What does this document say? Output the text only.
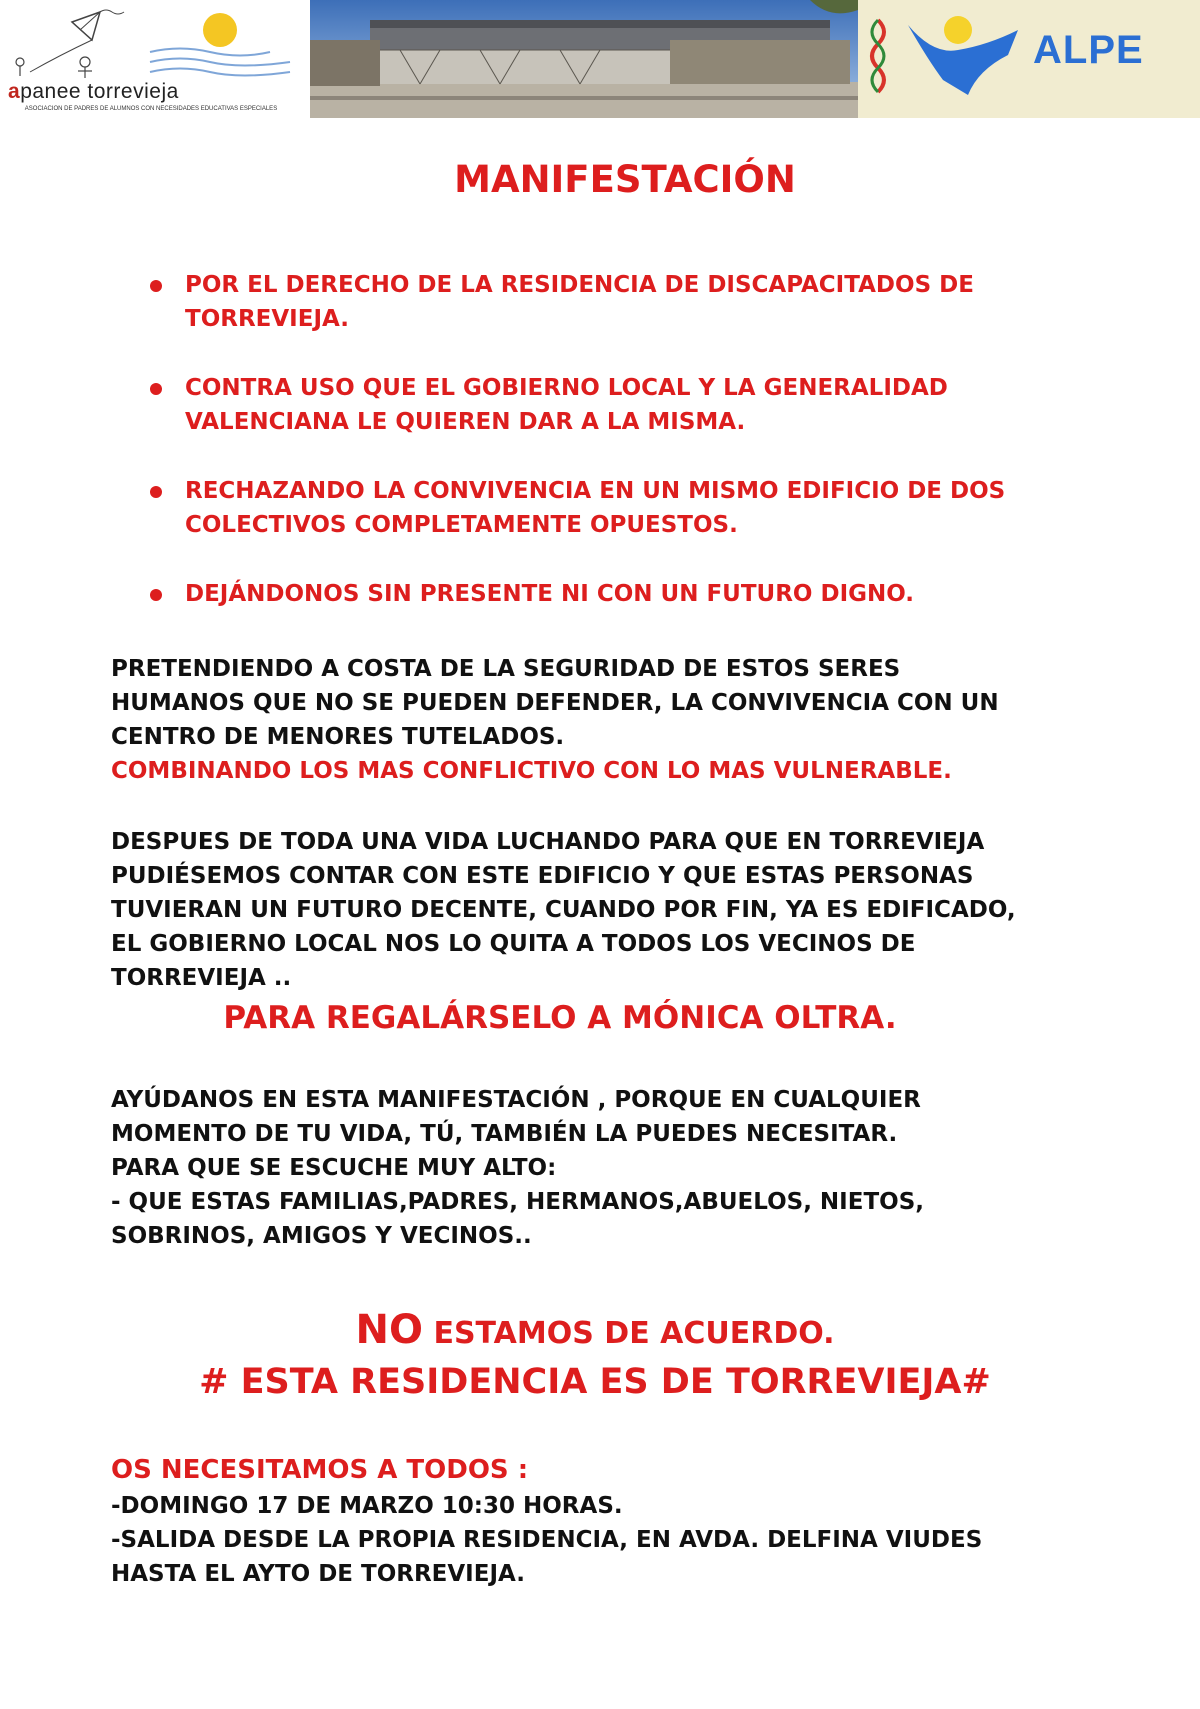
apanee torrevieja
ASOCIACION DE PADRES DE ALUMNOS CON NECESIDADES EDUCATIVAS ESPECIALES
ALPE
MANIFESTACIÓN
POR EL DERECHO DE LA RESIDENCIA DE DISCAPACITADOS DE
TORREVIEJA.
CONTRA USO QUE EL GOBIERNO LOCAL Y LA GENERALIDAD
VALENCIANA LE QUIEREN DAR A LA MISMA.
RECHAZANDO LA CONVIVENCIA EN UN MISMO EDIFICIO DE DOS
COLECTIVOS COMPLETAMENTE OPUESTOS.
DEJÁNDONOS SIN PRESENTE NI CON UN FUTURO DIGNO.

PRETENDIENDO A COSTA DE LA SEGURIDAD DE ESTOS SERES

HUMANOS QUE NO SE PUEDEN DEFENDER, LA CONVIVENCIA CON UN

CENTRO DE MENORES TUTELADOS.

COMBINANDO LOS MAS CONFLICTIVO CON LO MAS VULNERABLE.

DESPUES DE TODA UNA VIDA LUCHANDO PARA QUE EN TORREVIEJA

PUDIÉSEMOS CONTAR CON ESTE EDIFICIO Y QUE ESTAS PERSONAS

TUVIERAN UN FUTURO DECENTE, CUANDO POR FIN, YA ES EDIFICADO,

EL GOBIERNO LOCAL NOS LO QUITA A TODOS LOS VECINOS DE

TORREVIEJA ..

PARA REGALÁRSELO A MÓNICA OLTRA.

AYÚDANOS EN ESTA MANIFESTACIÓN , PORQUE EN CUALQUIER

MOMENTO DE TU VIDA, TÚ, TAMBIÉN LA PUEDES NECESITAR.

PARA QUE SE ESCUCHE MUY ALTO:

- QUE ESTAS FAMILIAS,PADRES, HERMANOS,ABUELOS, NIETOS,

SOBRINOS, AMIGOS Y VECINOS..

NO ESTAMOS DE ACUERDO.
# ESTA RESIDENCIA ES DE TORREVIEJA#

OS NECESITAMOS A TODOS :

-DOMINGO 17 DE MARZO 10:30 HORAS.

-SALIDA DESDE LA PROPIA RESIDENCIA, EN AVDA. DELFINA VIUDES

HASTA EL AYTO DE TORREVIEJA.
